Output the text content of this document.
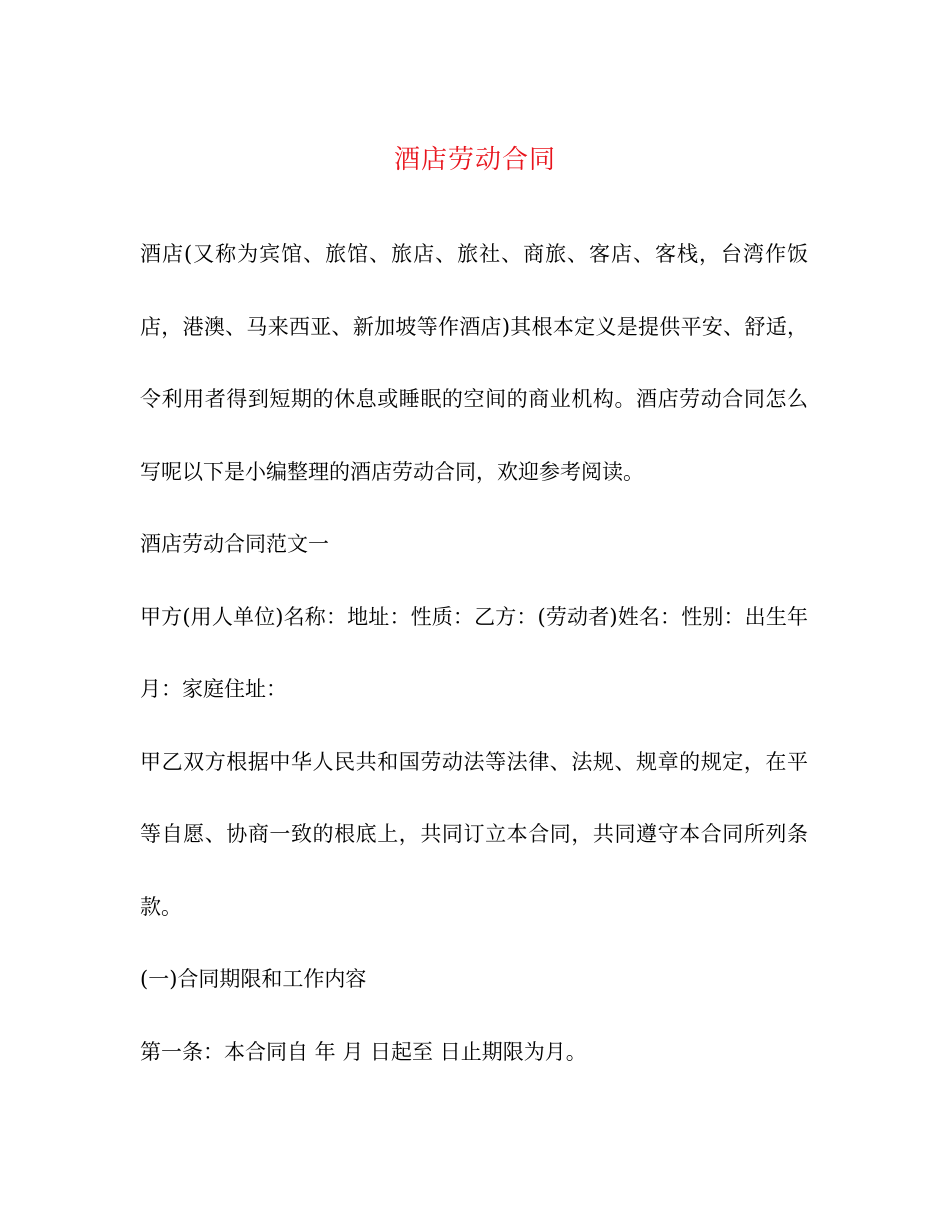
酒店劳动合同

酒店(又称为宾馆、旅馆、旅店、旅社、商旅、客店、客栈，台湾作饭店，港澳、马来西亚、新加坡等作酒店)其根本定义是提供平安、舒适，令利用者得到短期的休息或睡眠的空间的商业机构。酒店劳动合同怎么写呢以下是小编整理的酒店劳动合同，欢迎参考阅读。

酒店劳动合同范文一

甲方(用人单位)名称：地址：性质：乙方：(劳动者)姓名：性别：出生年月：家庭住址：

甲乙双方根据中华人民共和国劳动法等法律、法规、规章的规定，在平等自愿、协商一致的根底上，共同订立本合同，共同遵守本合同所列条款。

(一)合同期限和工作内容

第一条：本合同自 年 月 日起至 日止期限为月。
